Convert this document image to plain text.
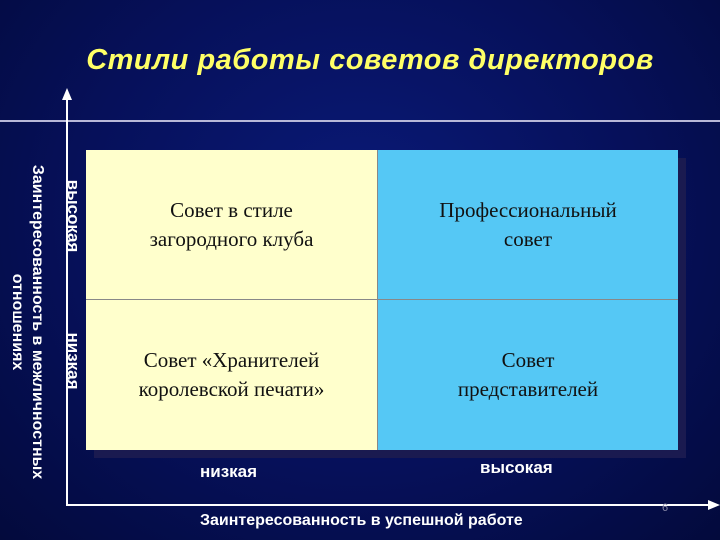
Стили работы советов директоров
Совет в стиле
загородного клуба
Профессиональный
совет
Совет «Хранителей
королевской печати»
Совет
представителей
высокая
низкая
Заинтересованность в межличностных
отношениях
низкая	высокая
Заинтересованность в успешной работе
6
